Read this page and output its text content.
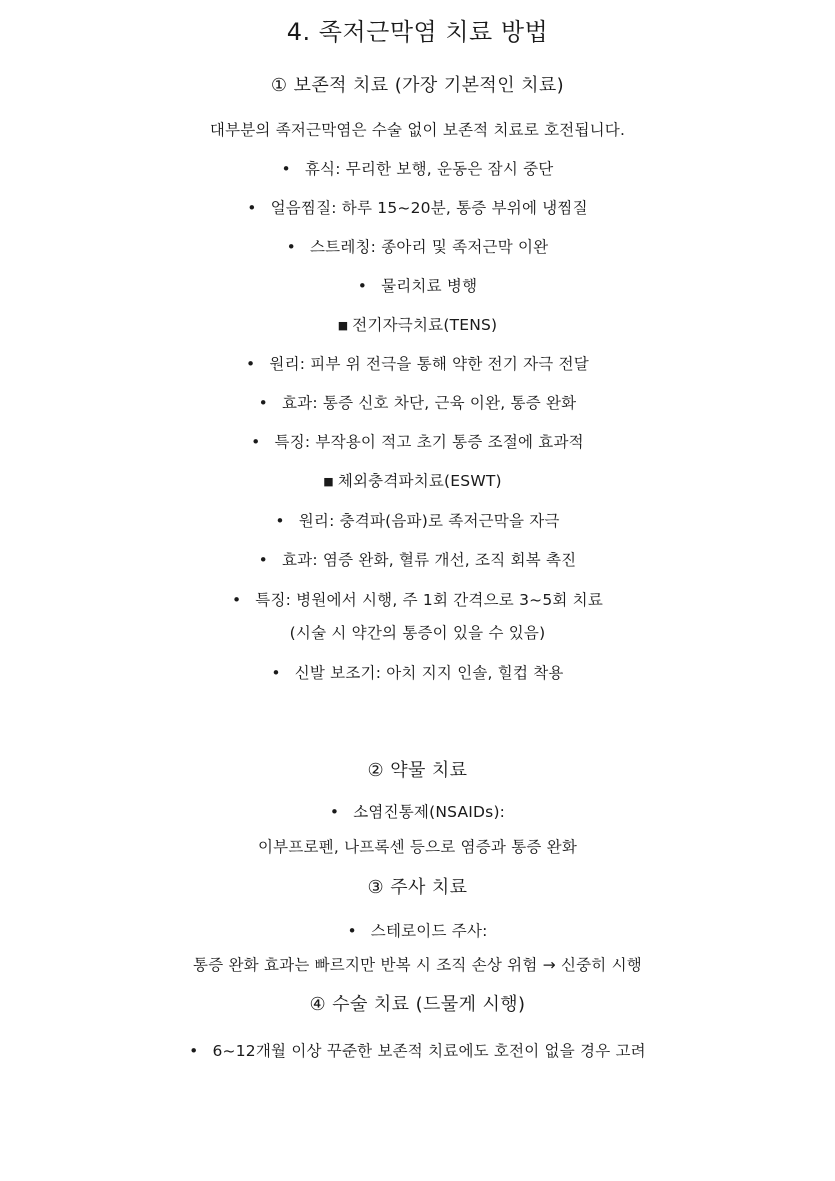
4. 족저근막염 치료 방법
① 보존적 치료 (가장 기본적인 치료)
대부분의 족저근막염은 수술 없이 보존적 치료로 호전됩니다.
• 휴식: 무리한 보행, 운동은 잠시 중단
• 얼음찜질: 하루 15~20분, 통증 부위에 냉찜질
• 스트레칭: 종아리 및 족저근막 이완
• 물리치료 병행
■ 전기자극치료(TENS)
• 원리: 피부 위 전극을 통해 약한 전기 자극 전달
• 효과: 통증 신호 차단, 근육 이완, 통증 완화
• 특징: 부작용이 적고 초기 통증 조절에 효과적
■ 체외충격파치료(ESWT)
• 원리: 충격파(음파)로 족저근막을 자극
• 효과: 염증 완화, 혈류 개선, 조직 회복 촉진
• 특징: 병원에서 시행, 주 1회 간격으로 3~5회 치료
(시술 시 약간의 통증이 있을 수 있음)
• 신발 보조기: 아치 지지 인솔, 힐컵 착용
② 약물 치료
• 소염진통제(NSAIDs):
이부프로펜, 나프록센 등으로 염증과 통증 완화
③ 주사 치료
• 스테로이드 주사:
통증 완화 효과는 빠르지만 반복 시 조직 손상 위험 → 신중히 시행
④ 수술 치료 (드물게 시행)
• 6~12개월 이상 꾸준한 보존적 치료에도 호전이 없을 경우 고려
